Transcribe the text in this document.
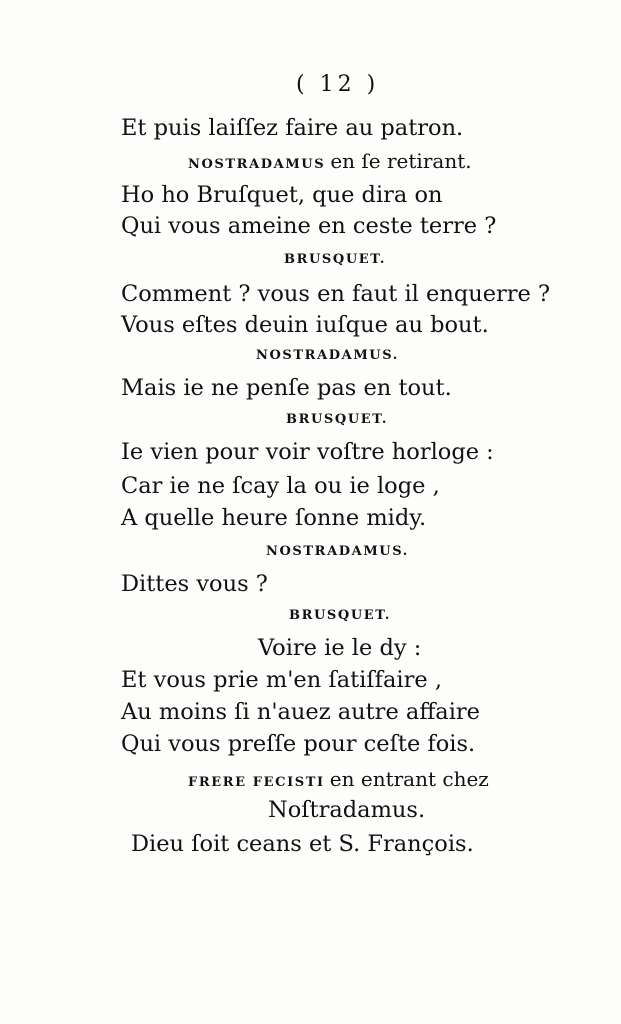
( 12 )
Et puis laiſſez faire au patron.
NOSTRADAMUS en ſe retirant.
Ho ho Bruſquet, que dira on
Qui vous ameine en ceste terre ?
BRUSQUET.
Comment ? vous en faut il enquerre ?
Vous eſtes deuin iuſque au bout.
NOSTRADAMUS.
Mais ie ne penſe pas en tout.
BRUSQUET.
Ie vien pour voir voſtre horloge :
Car ie ne ſcay la ou ie loge ,
A quelle heure ſonne midy.
NOSTRADAMUS.
Dittes vous ?
BRUSQUET.
Voire ie le dy :
Et vous prie m'en ſatiſfaire ,
Au moins ſi n'auez autre affaire
Qui vous preſſe pour ceſte fois.
FRERE FECISTI en entrant chez
Noſtradamus.
Dieu ſoit ceans et S. François.
